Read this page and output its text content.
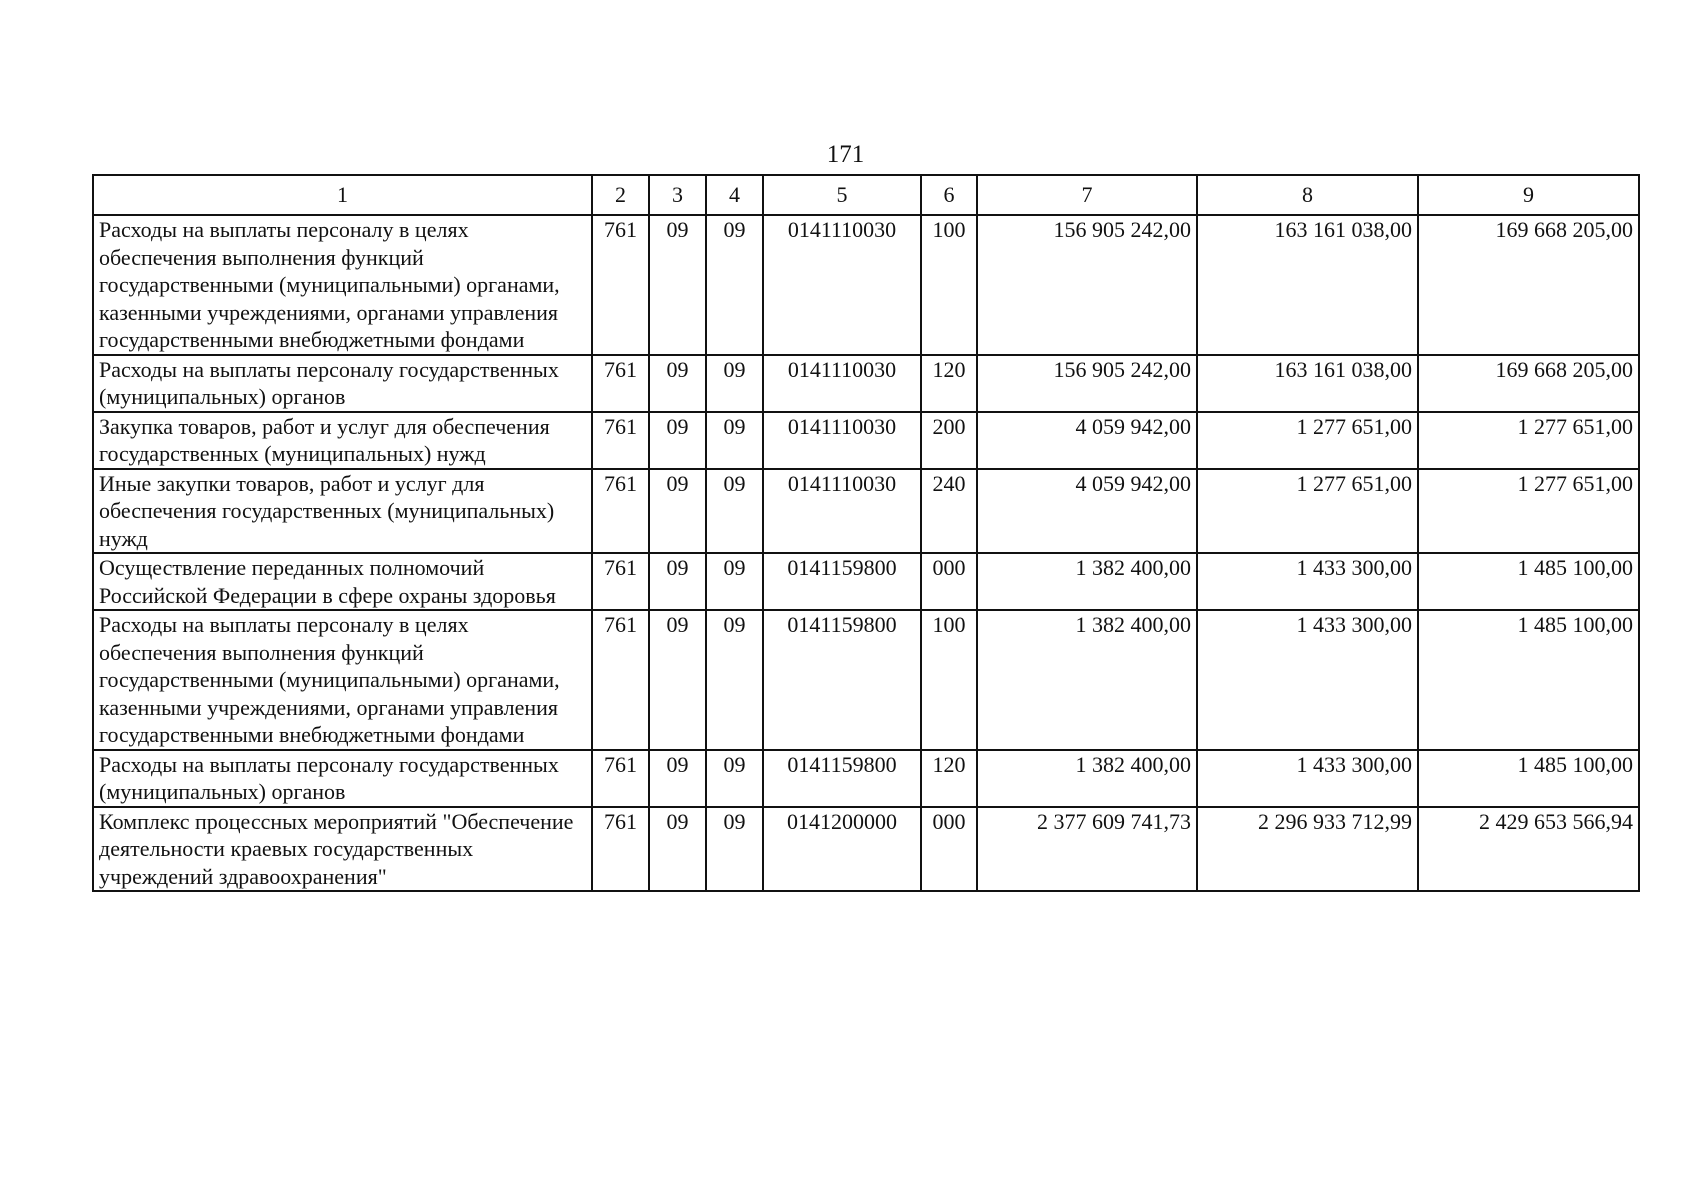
171
1	2	3	4	5	6	7	8	9
Расходы на выплаты персоналу в целях обеспечения выполнения функций государственными (муниципальными) органами, казенными учреждениями, органами управления государственными внебюджетными фондами	761	09	09	0141110030	100	156 905 242,00	163 161 038,00	169 668 205,00
Расходы на выплаты персоналу государственных (муниципальных) органов	761	09	09	0141110030	120	156 905 242,00	163 161 038,00	169 668 205,00
Закупка товаров, работ и услуг для обеспечения государственных (муниципальных) нужд	761	09	09	0141110030	200	4 059 942,00	1 277 651,00	1 277 651,00
Иные закупки товаров, работ и услуг для обеспечения государственных (муниципальных) нужд	761	09	09	0141110030	240	4 059 942,00	1 277 651,00	1 277 651,00
Осуществление переданных полномочий Российской Федерации в сфере охраны здоровья	761	09	09	0141159800	000	1 382 400,00	1 433 300,00	1 485 100,00
Расходы на выплаты персоналу в целях обеспечения выполнения функций государственными (муниципальными) органами, казенными учреждениями, органами управления государственными внебюджетными фондами	761	09	09	0141159800	100	1 382 400,00	1 433 300,00	1 485 100,00
Расходы на выплаты персоналу государственных (муниципальных) органов	761	09	09	0141159800	120	1 382 400,00	1 433 300,00	1 485 100,00
Комплекс процессных мероприятий "Обеспечение деятельности краевых государственных учреждений здравоохранения"	761	09	09	0141200000	000	2 377 609 741,73	2 296 933 712,99	2 429 653 566,94
